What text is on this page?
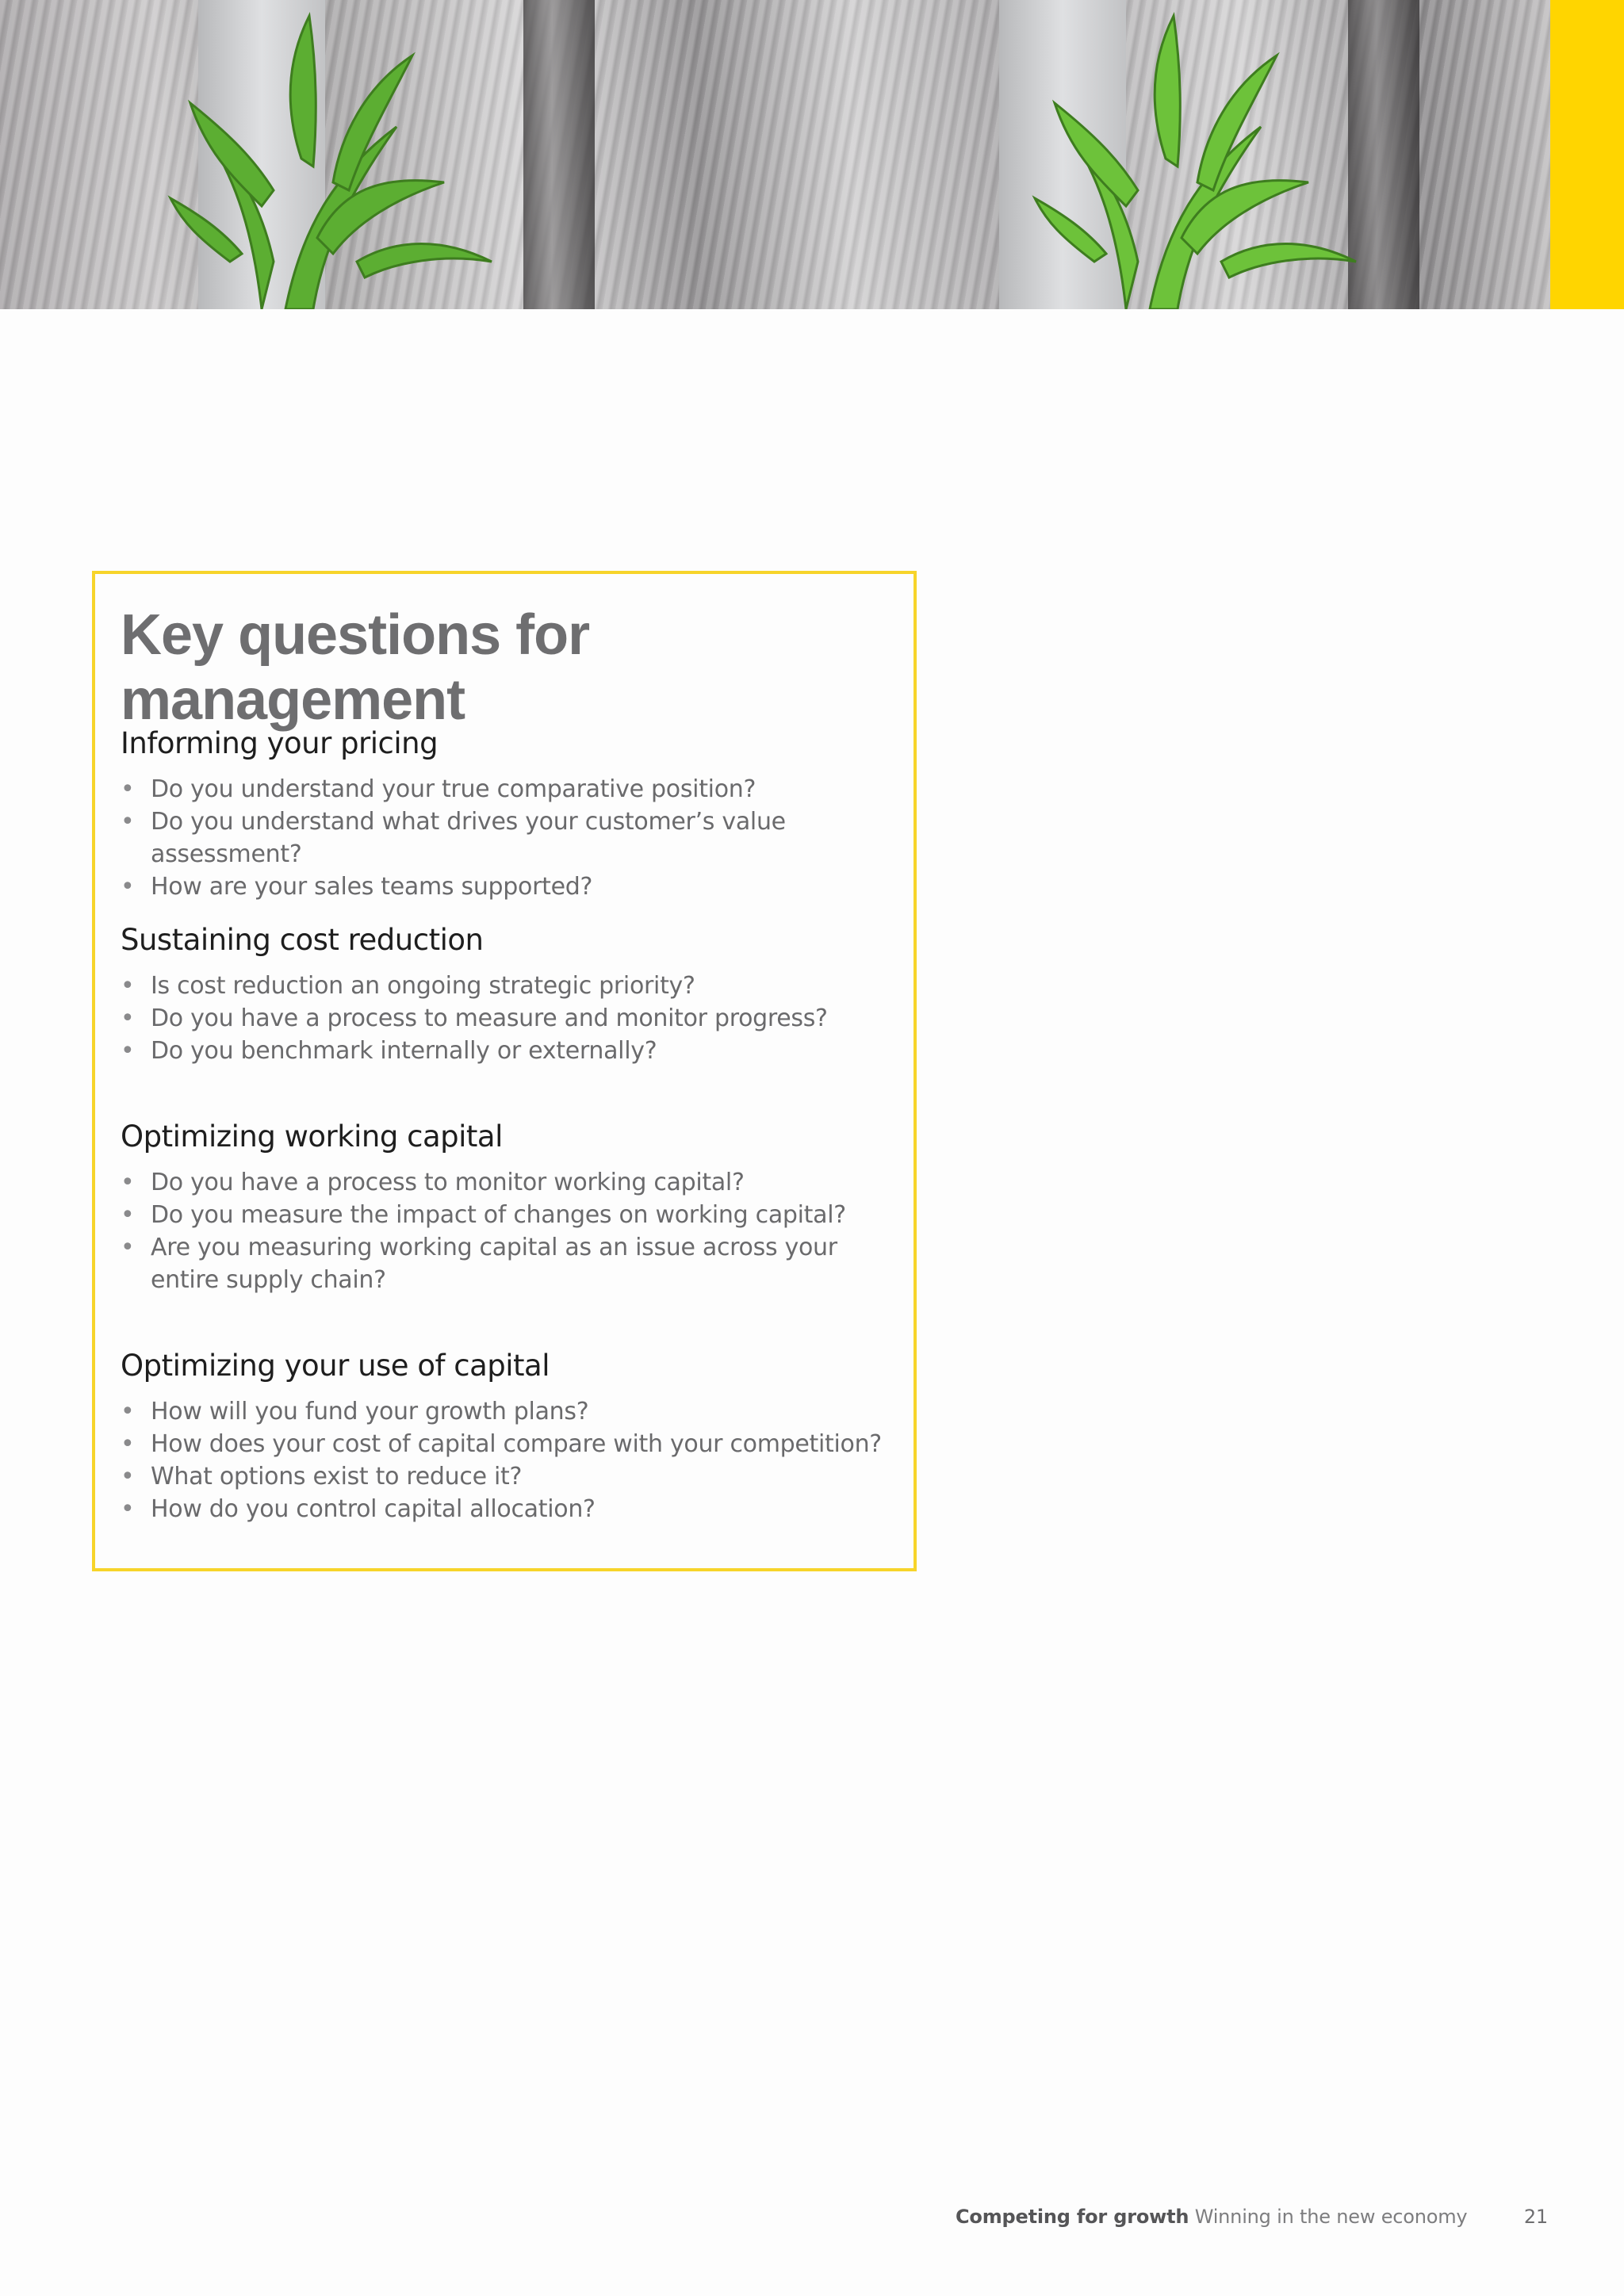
Key questions for management
Informing your pricing
• Do you understand your true comparative position?
• Do you understand what drives your customer’s value assessment?
• How are your sales teams supported?
Sustaining cost reduction
• Is cost reduction an ongoing strategic priority?
• Do you have a process to measure and monitor progress?
• Do you benchmark internally or externally?
Optimizing working capital
• Do you have a process to monitor working capital?
• Do you measure the impact of changes on working capital?
• Are you measuring working capital as an issue across your entire supply chain?
Optimizing your use of capital
• How will you fund your growth plans?
• How does your cost of capital compare with your competition?
• What options exist to reduce it?
• How do you control capital allocation?
Competing for growth Winning in the new economy	21
